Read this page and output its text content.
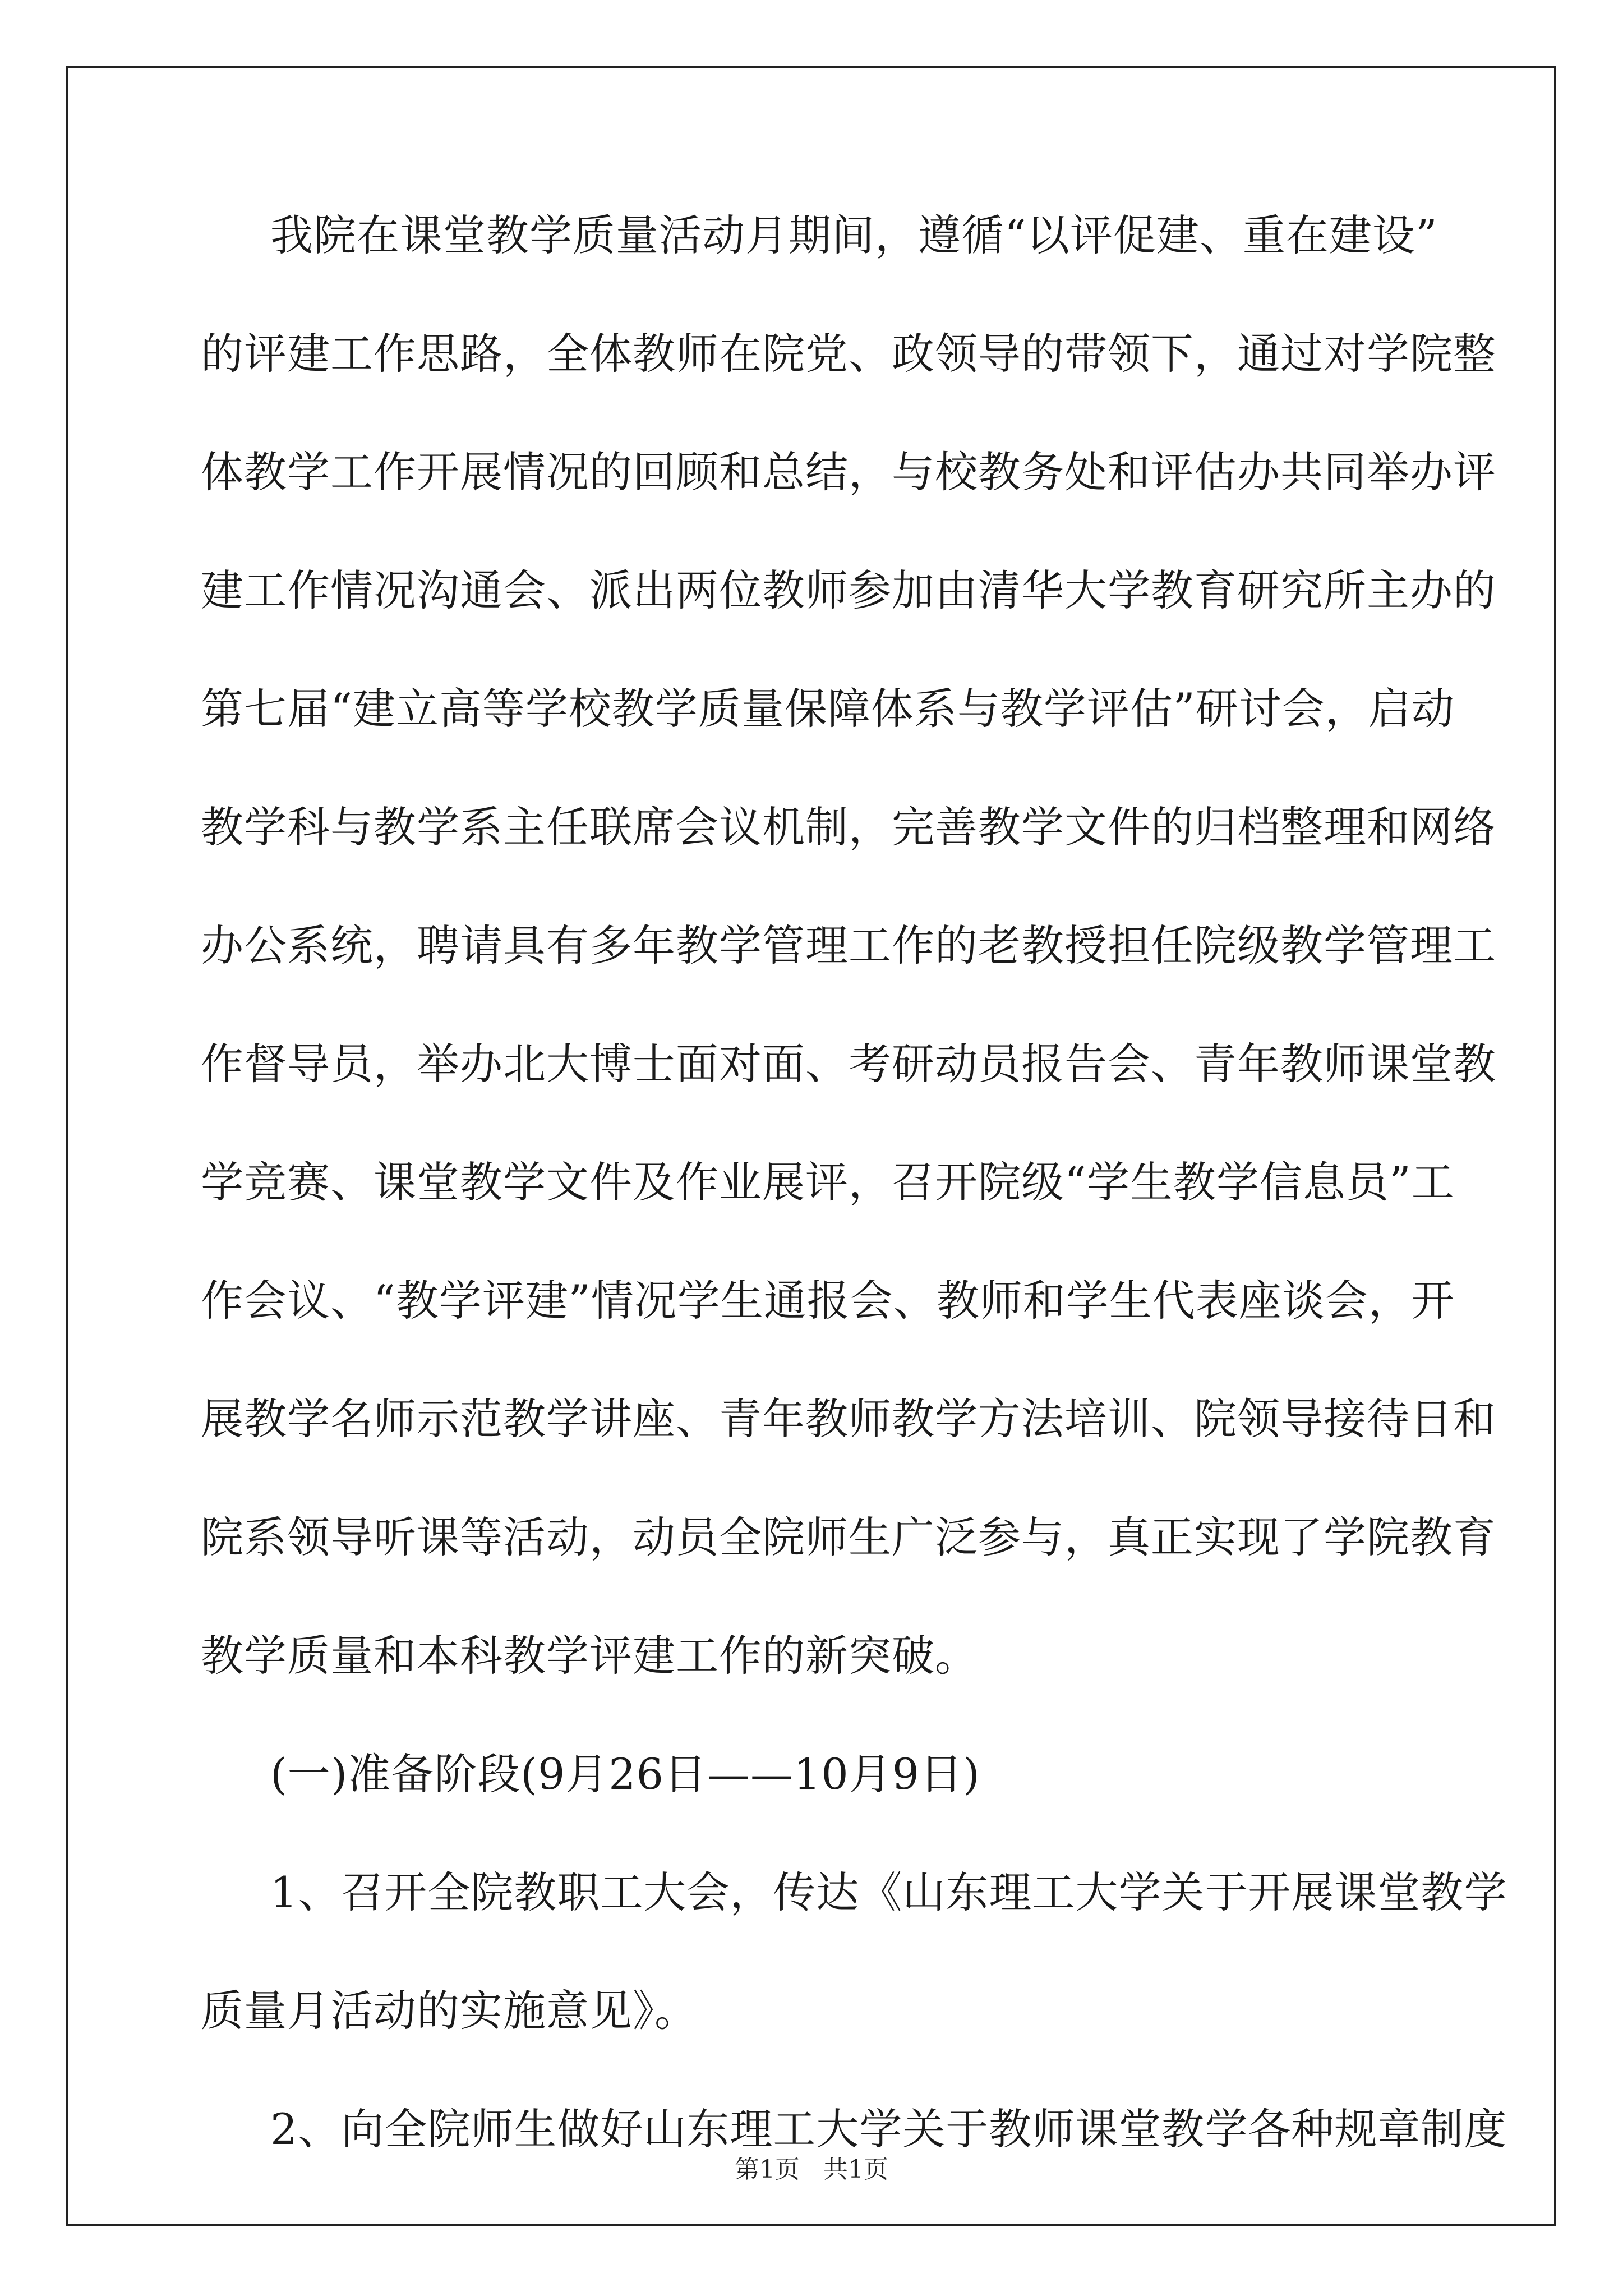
我院在课堂教学质量活动月期间，遵循“以评促建、重在建设”
的评建工作思路，全体教师在院党、政领导的带领下，通过对学院整
体教学工作开展情况的回顾和总结，与校教务处和评估办共同举办评
建工作情况沟通会、派出两位教师参加由清华大学教育研究所主办的
第七届“建立高等学校教学质量保障体系与教学评估”研讨会，启动
教学科与教学系主任联席会议机制，完善教学文件的归档整理和网络
办公系统，聘请具有多年教学管理工作的老教授担任院级教学管理工
作督导员，举办北大博士面对面、考研动员报告会、青年教师课堂教
学竞赛、课堂教学文件及作业展评，召开院级“学生教学信息员”工
作会议、“教学评建”情况学生通报会、教师和学生代表座谈会，开
展教学名师示范教学讲座、青年教师教学方法培训、院领导接待日和
院系领导听课等活动，动员全院师生广泛参与，真正实现了学院教育
教学质量和本科教学评建工作的新突破。
(一)准备阶段(9月26日——10月9日)
1、召开全院教职工大会，传达《山东理工大学关于开展课堂教学
质量月活动的实施意见》。
2、向全院师生做好山东理工大学关于教师课堂教学各种规章制度
第1页   共1页
